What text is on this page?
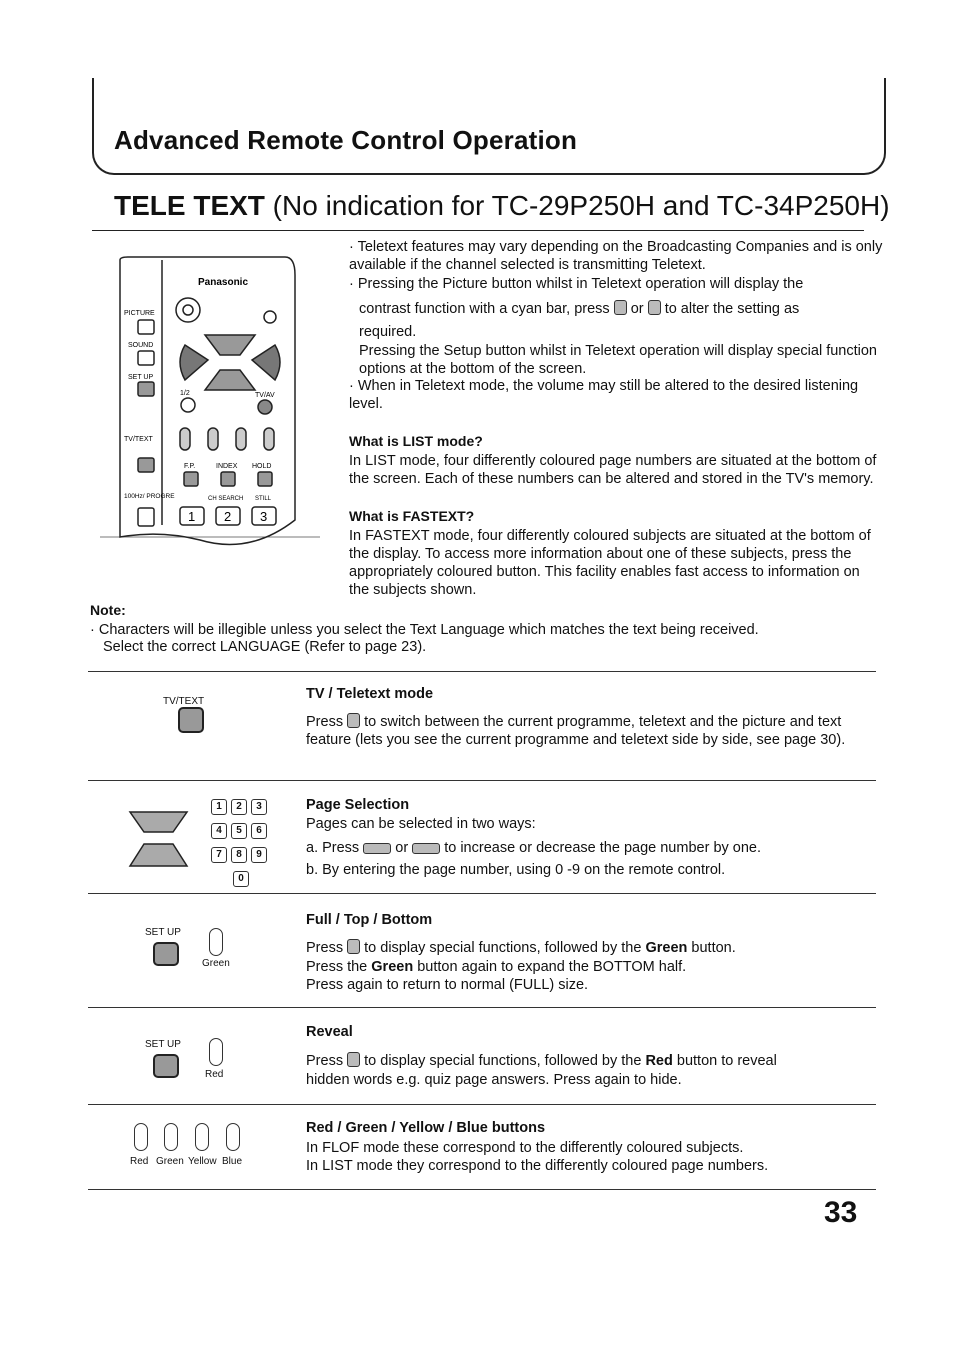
Advanced Remote Control Operation
TELE TEXT (No indication for TC-29P250H and TC-34P250H)
Panasonic
PICTURE
SOUND
SET UP
TV/TEXT
100Hz/ PROGRE
1/2	TV/AV
F.P.	INDEX HOLD
CH SEARCH STILL
1 2 3
· Teletext features may vary depending on the Broadcasting Companies and is only available if the channel selected is transmitting Teletext.
· Pressing the Picture button whilst in Teletext operation will display the
contrast function with a cyan bar, press or to alter the setting as
required.
Pressing the Setup button whilst in Teletext operation will display special function options at the bottom of the screen.
· When in Teletext mode, the volume may still be altered to the desired listening level.
What is LIST mode?
In LIST mode, four differently coloured page numbers are situated at the bottom of the screen. Each of these numbers can be altered and stored in the TV's memory.
What is FASTEXT?
In FASTEXT mode, four differently coloured subjects are situated at the bottom of the display. To access more information about one of these subjects, press the appropriately coloured button. This facility enables fast access to information on the subjects shown.
Note:
· Characters will be illegible unless you select the Text Language which matches the text being received.
Select the correct LANGUAGE (Refer to page 23).
TV/TEXT	TV / Teletext mode
Press to switch between the current programme, teletext and the picture and text feature (lets you see the current programme and teletext side by side, see page 30).
1 2 3
4 5 6
7 8 9
0
Page Selection
Pages can be selected in two ways:
a. Press or to increase or decrease the page number by one.
b. By entering the page number, using 0 -9 on the remote control.
SET UP
Green
Full / Top / Bottom
Press to display special functions, followed by the Green button.
Press the Green button again to expand the BOTTOM half.
Press again to return to normal (FULL) size.
SET UP
Red
Reveal
Press to display special functions, followed by the Red button to reveal
hidden words e.g. quiz page answers. Press again to hide.
Red Green Yellow Blue
Red / Green / Yellow / Blue buttons
In FLOF mode these correspond to the differently coloured subjects.
In LIST mode they correspond to the differently coloured page numbers.
33
